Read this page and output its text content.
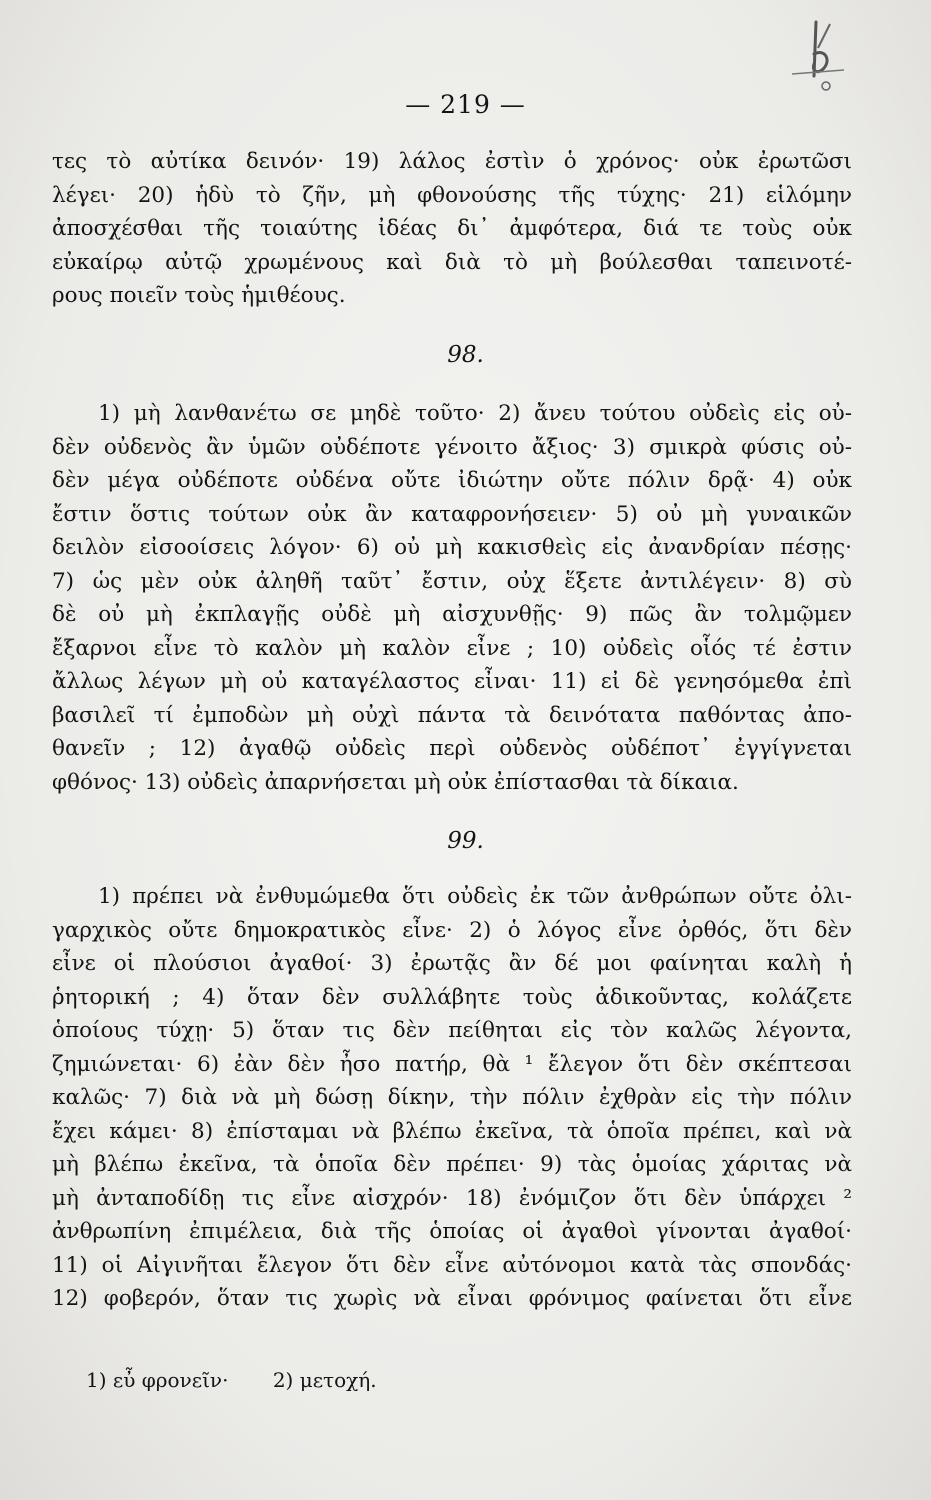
— 219 —
τες τὸ αὐτίκα δεινόν· 19) λάλος ἐστὶν ὁ χρόνος· οὐκ ἐρωτῶσι
λέγει· 20) ἡδὺ τὸ ζῆν, μὴ φθονούσης τῆς τύχης· 21) εἱλόμην
ἀποσχέσθαι τῆς τοιαύτης ἰδέας δι᾽ ἀμφότερα, διά τε τοὺς οὐκ
εὐκαίρῳ αὐτῷ χρωμένους καὶ διὰ τὸ μὴ βούλεσθαι ταπεινοτέ-
ρους ποιεῖν τοὺς ἡμιθέους.
98.
1) μὴ λανθανέτω σε μηδὲ τοῦτο· 2) ἄνευ τούτου οὐδεὶς εἰς οὐ-
δὲν οὐδενὸς ἂν ὑμῶν οὐδέποτε γένοιτο ἄξιος· 3) σμικρὰ φύσις οὐ-
δὲν μέγα οὐδέποτε οὐδένα οὔτε ἰδιώτην οὔτε πόλιν δρᾷ· 4) οὐκ
ἔστιν ὅστις τούτων οὐκ ἂν καταφρονήσειεν· 5) οὐ μὴ γυναικῶν
δειλὸν εἰσοοίσεις λόγον· 6) οὐ μὴ κακισθεὶς εἰς ἀνανδρίαν πέσῃς·
7) ὡς μὲν οὐκ ἀληθῆ ταῦτ᾽ ἔστιν, οὐχ ἕξετε ἀντιλέγειν· 8) σὺ
δὲ οὐ μὴ ἐκπλαγῇς οὐδὲ μὴ αἰσχυνθῇς· 9) πῶς ἂν τολμῷμεν
ἔξαρνοι εἶνε τὸ καλὸν μὴ καλὸν εἶνε ; 10) οὐδεὶς οἷός τέ ἐστιν
ἄλλως λέγων μὴ οὐ καταγέλαστος εἶναι· 11) εἰ δὲ γενησόμεθα ἐπὶ
βασιλεῖ τί ἐμποδὼν μὴ οὐχὶ πάντα τὰ δεινότατα παθόντας ἀπο-
θανεῖν ; 12) ἀγαθῷ οὐδεὶς περὶ οὐδενὸς οὐδέποτ᾽ ἐγγίγνεται
φθόνος· 13) οὐδεὶς ἀπαρνήσεται μὴ οὐκ ἐπίστασθαι τὰ δίκαια.
99.
1) πρέπει νὰ ἐνθυμώμεθα ὅτι οὐδεὶς ἐκ τῶν ἀνθρώπων οὔτε ὀλι-
γαρχικὸς οὔτε δημοκρατικὸς εἶνε· 2) ὁ λόγος εἶνε ὀρθός, ὅτι δὲν
εἶνε οἱ πλούσιοι ἀγαθοί· 3) ἐρωτᾷς ἂν δέ μοι φαίνηται καλὴ ἡ
ῥητορική ; 4) ὅταν δὲν συλλάβητε τοὺς ἀδικοῦντας, κολάζετε
ὁποίους τύχῃ· 5) ὅταν τις δὲν πείθηται εἰς τὸν καλῶς λέγοντα,
ζημιώνεται· 6) ἐὰν δὲν ἦσο πατήρ, θὰ ¹ ἔλεγον ὅτι δὲν σκέπτεσαι
καλῶς· 7) διὰ νὰ μὴ δώσῃ δίκην, τὴν πόλιν ἐχθρὰν εἰς τὴν πόλιν
ἔχει κάμει· 8) ἐπίσταμαι νὰ βλέπω ἐκεῖνα, τὰ ὁποῖα πρέπει, καὶ νὰ
μὴ βλέπω ἐκεῖνα, τὰ ὁποῖα δὲν πρέπει· 9) τὰς ὁμοίας χάριτας νὰ
μὴ ἀνταποδίδῃ τις εἶνε αἰσχρόν· 18) ἐνόμιζον ὅτι δὲν ὑπάρχει ²
ἀνθρωπίνη ἐπιμέλεια, διὰ τῆς ὁποίας οἱ ἀγαθοὶ γίνονται ἀγαθοί·
11) οἱ Αἰγινῆται ἔλεγον ὅτι δὲν εἶνε αὐτόνομοι κατὰ τὰς σπονδάς·
12) φοβερόν, ὅταν τις χωρὶς νὰ εἶναι φρόνιμος φαίνεται ὅτι εἶνε
1) εὖ φρονεῖν· 2) μετοχή.
